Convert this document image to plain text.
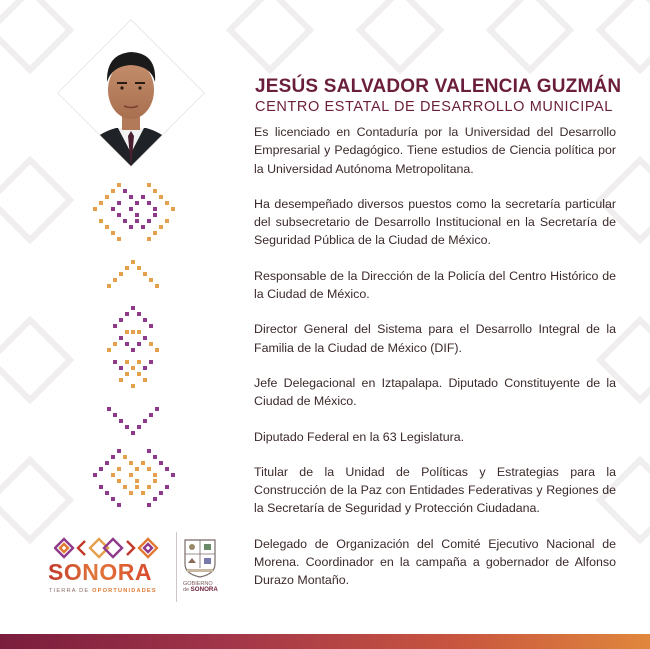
JESÚS SALVADOR VALENCIA GUZMÁN
CENTRO ESTATAL DE DESARROLLO MUNICIPAL

Es licenciado en Contaduría por la Universidad del Desarrollo Empresarial y Pedagógico. Tiene estudios de Ciencia política por la Universidad Autónoma Metropolitana.

Ha desempeñado diversos puestos como la secretaría particular del subsecretario de Desarrollo Institucional en la Secretaría de Seguridad Pública de la Ciudad de México.

Responsable de la Dirección de la Policía del Centro Histórico de la Ciudad de México.

Director General del Sistema para el Desarrollo Integral de la Familia de la Ciudad de México (DIF).

Jefe Delegacional en Iztapalapa. Diputado Constituyente de la Ciudad de México.

Diputado Federal en la 63 Legislatura.

Titular de la Unidad de Políticas y Estrategias para la Construcción de la Paz con Entidades Federativas y Regiones de la Secretaría de Seguridad y Protección Ciudadana.

Delegado de Organización del Comité Ejecutivo Nacional de Morena. Coordinador en la campaña a gobernador de Alfonso Durazo Montaño.

SONORA
TIERRA DE OPORTUNIDADES
GOBIERNO
de SONORA
